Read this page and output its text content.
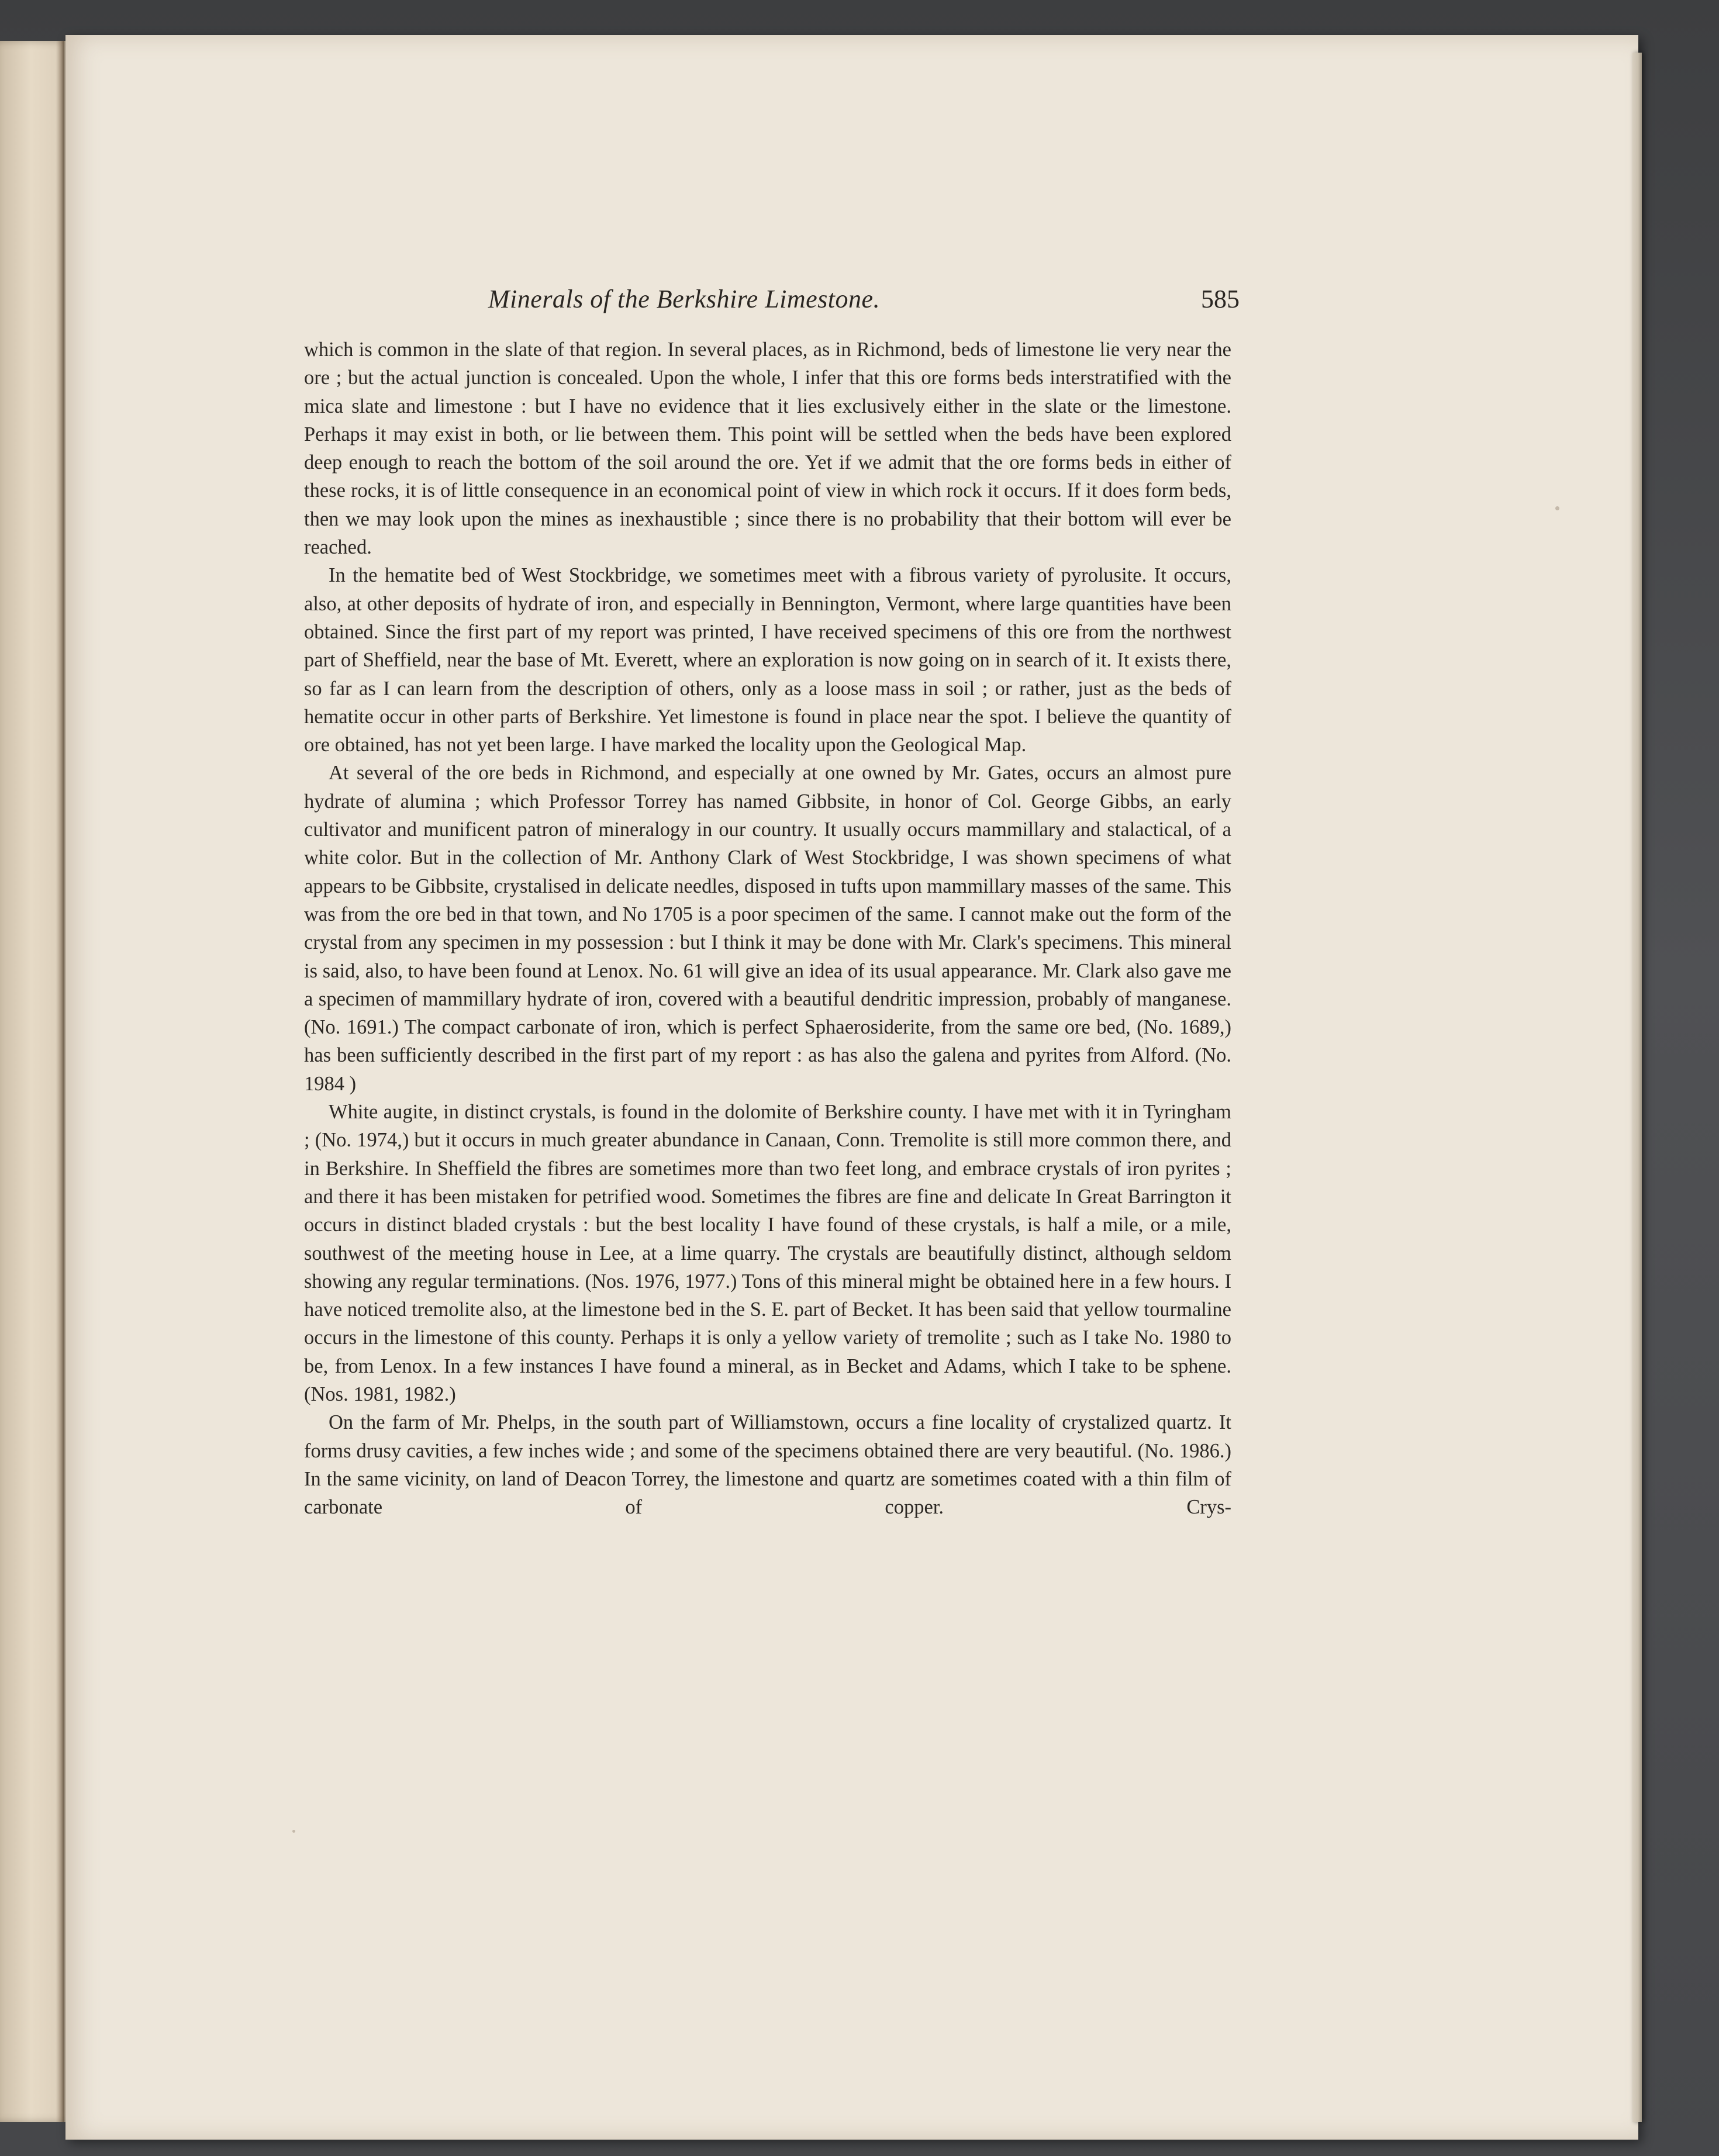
Minerals of the Berkshire Limestone.	585

which is common in the slate of that region. In several places, as in Richmond, beds of limestone lie very near the ore ; but the actual junction is concealed. Upon the whole, I infer that this ore forms beds interstratified with the mica slate and limestone : but I have no evidence that it lies exclusively either in the slate or the limestone. Perhaps it may exist in both, or lie between them. This point will be settled when the beds have been explored deep enough to reach the bottom of the soil around the ore. Yet if we admit that the ore forms beds in either of these rocks, it is of little consequence in an economical point of view in which rock it occurs. If it does form beds, then we may look upon the mines as inexhaustible ; since there is no probability that their bottom will ever be reached.

In the hematite bed of West Stockbridge, we sometimes meet with a fibrous variety of pyrolusite. It occurs, also, at other deposits of hydrate of iron, and especially in Bennington, Vermont, where large quantities have been obtained. Since the first part of my report was printed, I have received specimens of this ore from the northwest part of Sheffield, near the base of Mt. Everett, where an exploration is now going on in search of it. It exists there, so far as I can learn from the description of others, only as a loose mass in soil ; or rather, just as the beds of hematite occur in other parts of Berkshire. Yet limestone is found in place near the spot. I believe the quantity of ore obtained, has not yet been large. I have marked the locality upon the Geological Map.

At several of the ore beds in Richmond, and especially at one owned by Mr. Gates, occurs an almost pure hydrate of alumina ; which Professor Torrey has named Gibbsite, in honor of Col. George Gibbs, an early cultivator and munificent patron of mineralogy in our country. It usually occurs mammillary and stalactical, of a white color. But in the collection of Mr. Anthony Clark of West Stockbridge, I was shown specimens of what appears to be Gibbsite, crystalised in delicate needles, disposed in tufts upon mammillary masses of the same. This was from the ore bed in that town, and No 1705 is a poor specimen of the same. I cannot make out the form of the crystal from any specimen in my possession : but I think it may be done with Mr. Clark's specimens. This mineral is said, also, to have been found at Lenox. No. 61 will give an idea of its usual appearance. Mr. Clark also gave me a specimen of mammillary hydrate of iron, covered with a beautiful dendritic impression, probably of manganese. (No. 1691.) The compact carbonate of iron, which is perfect Sphaerosiderite, from the same ore bed, (No. 1689,) has been sufficiently described in the first part of my report : as has also the galena and pyrites from Alford. (No. 1984 )

White augite, in distinct crystals, is found in the dolomite of Berkshire county. I have met with it in Tyringham ; (No. 1974,) but it occurs in much greater abundance in Canaan, Conn. Tremolite is still more common there, and in Berkshire. In Sheffield the fibres are sometimes more than two feet long, and embrace crystals of iron pyrites ; and there it has been mistaken for petrified wood. Sometimes the fibres are fine and delicate In Great Barrington it occurs in distinct bladed crystals : but the best locality I have found of these crystals, is half a mile, or a mile, southwest of the meeting house in Lee, at a lime quarry. The crystals are beautifully distinct, although seldom showing any regular terminations. (Nos. 1976, 1977.) Tons of this mineral might be obtained here in a few hours. I have noticed tremolite also, at the limestone bed in the S. E. part of Becket. It has been said that yellow tourmaline occurs in the limestone of this county. Perhaps it is only a yellow variety of tremolite ; such as I take No. 1980 to be, from Lenox. In a few instances I have found a mineral, as in Becket and Adams, which I take to be sphene. (Nos. 1981, 1982.)

On the farm of Mr. Phelps, in the south part of Williamstown, occurs a fine locality of crystalized quartz. It forms drusy cavities, a few inches wide ; and some of the specimens obtained there are very beautiful. (No. 1986.) In the same vicinity, on land of Deacon Torrey, the limestone and quartz are sometimes coated with a thin film of carbonate of copper. Crys-
